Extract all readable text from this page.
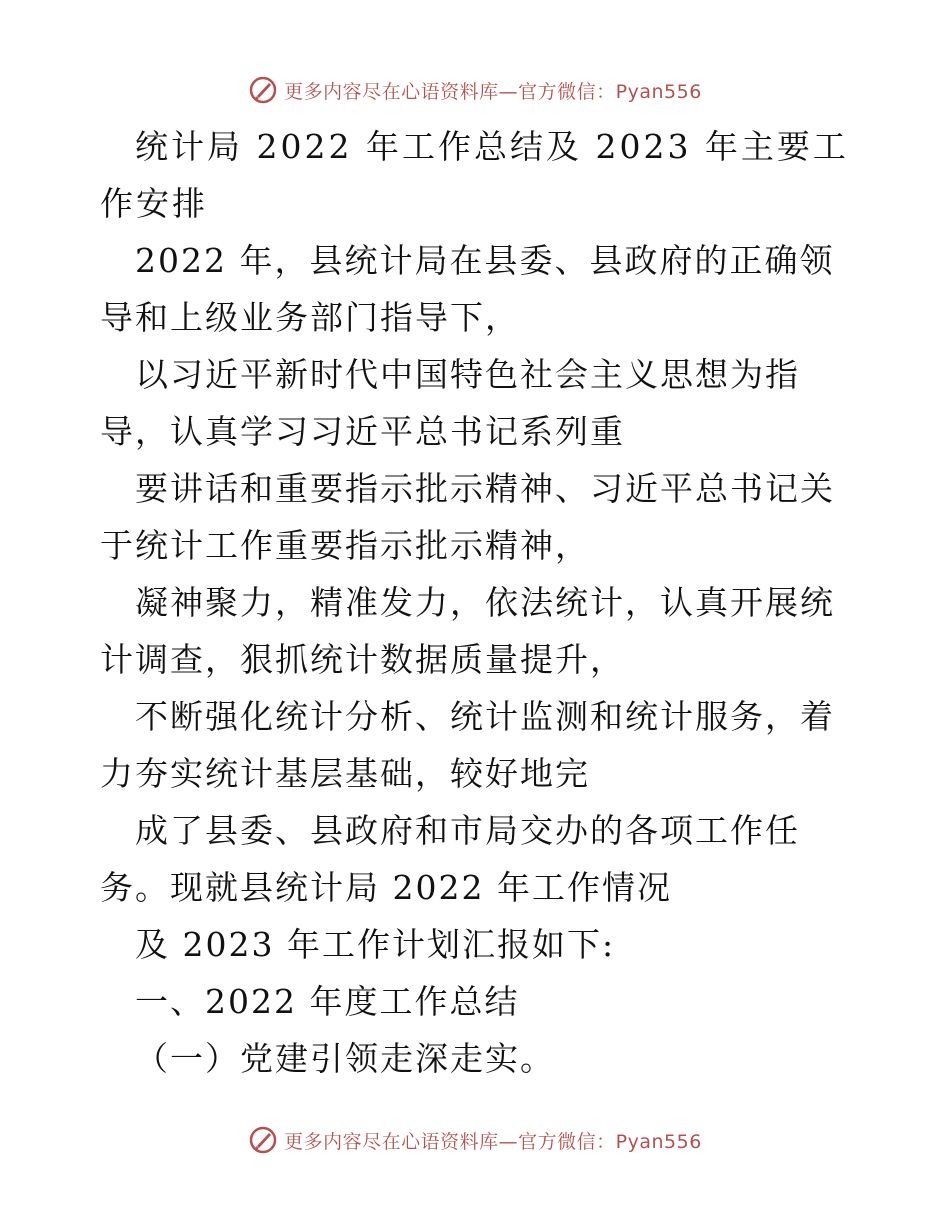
更多内容尽在心语资料库—官方微信：Pyan556

统计局 2022 年工作总结及 2023 年主要工作安排

2022 年，县统计局在县委、县政府的正确领导和上级业务部门指导下，

以习近平新时代中国特色社会主义思想为指导，认真学习习近平总书记系列重

要讲话和重要指示批示精神、习近平总书记关于统计工作重要指示批示精神，

凝神聚力，精准发力，依法统计，认真开展统计调查，狠抓统计数据质量提升，

不断强化统计分析、统计监测和统计服务，着力夯实统计基层基础，较好地完

成了县委、县政府和市局交办的各项工作任务。现就县统计局 2022 年工作情况

及 2023 年工作计划汇报如下:

一、2022 年度工作总结

（一）党建引领走深走实。

更多内容尽在心语资料库—官方微信：Pyan556
